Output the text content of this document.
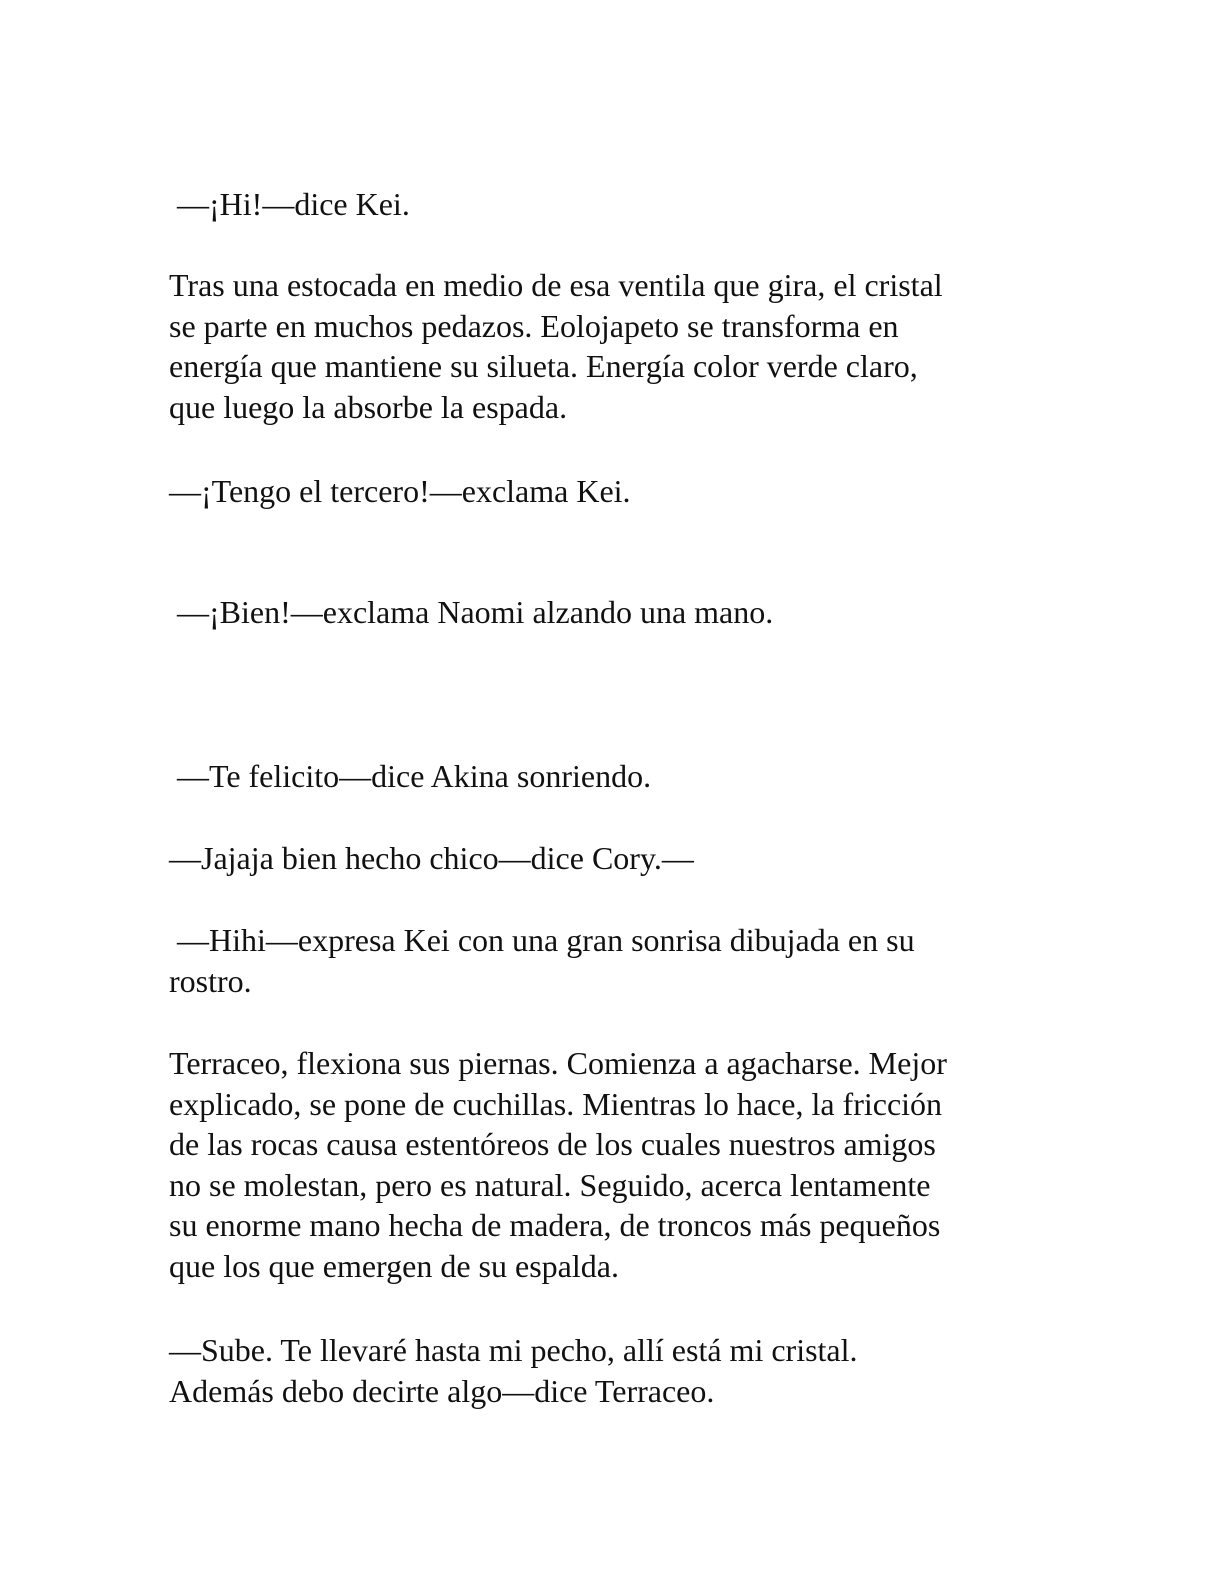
—¡Hi!—dice Kei.

Tras una estocada en medio de esa ventila que gira, el cristal
se parte en muchos pedazos. Eolojapeto se transforma en
energía que mantiene su silueta. Energía color verde claro,
que luego la absorbe la espada.

—¡Tengo el tercero!—exclama Kei.

—¡Bien!—exclama Naomi alzando una mano.

—Te felicito—dice Akina sonriendo.

—Jajaja bien hecho chico—dice Cory.—

—Hihi—expresa Kei con una gran sonrisa dibujada en su
rostro.

Terraceo, flexiona sus piernas. Comienza a agacharse. Mejor
explicado, se pone de cuchillas. Mientras lo hace, la fricción
de las rocas causa estentóreos de los cuales nuestros amigos
no se molestan, pero es natural. Seguido, acerca lentamente
su enorme mano hecha de madera, de troncos más pequeños
que los que emergen de su espalda.

—Sube. Te llevaré hasta mi pecho, allí está mi cristal.
Además debo decirte algo—dice Terraceo.
